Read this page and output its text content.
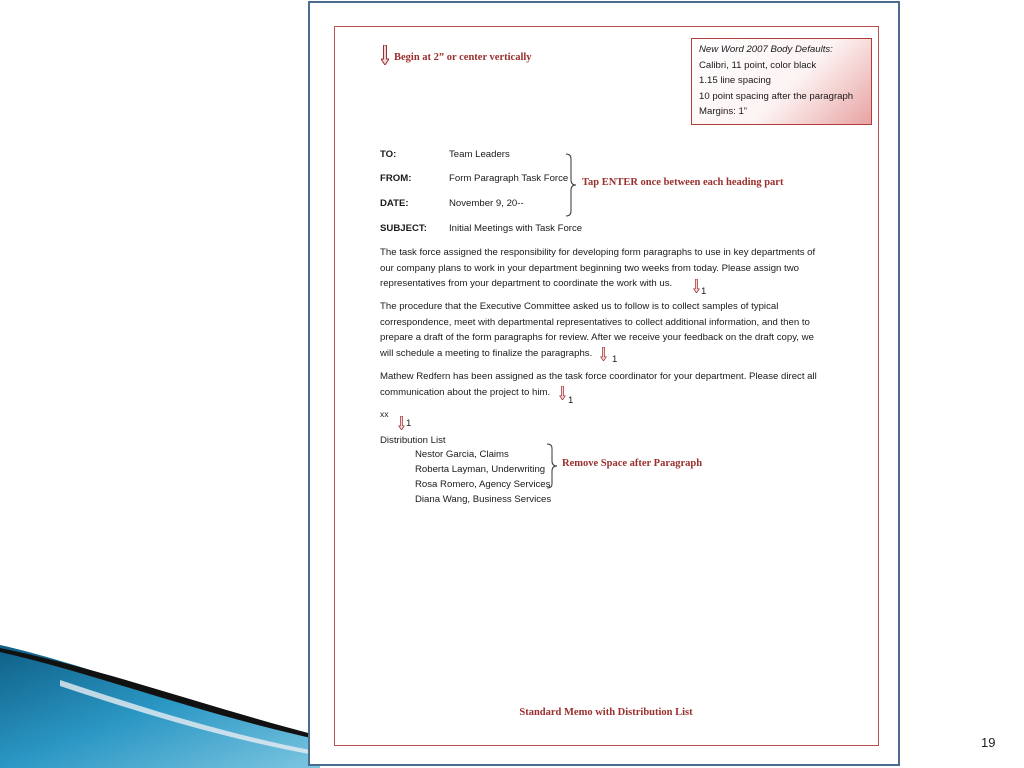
19
Begin at 2” or center vertically
New Word 2007 Body Defaults:
Calibri, 11 point, color black
1.15 line spacing
10 point spacing after the paragraph
Margins: 1”
TO:	Team Leaders
FROM:	Form Paragraph Task Force
DATE:	November 9, 20--
SUBJECT: Initial Meetings with Task Force
Tap ENTER once between each heading part
The task force assigned the responsibility for developing form paragraphs to use in key departments of
our company plans to work in your department beginning two weeks from today. Please assign two
representatives from your department to coordinate the work with us.
1
The procedure that the Executive Committee asked us to follow is to collect samples of typical
correspondence, meet with departmental representatives to collect additional information, and then to
prepare a draft of the form paragraphs for review. After we receive your feedback on the draft copy, we
will schedule a meeting to finalize the paragraphs.
1
Mathew Redfern has been assigned as the task force coordinator for your department. Please direct all
communication about the project to him.
1
xx
1
Distribution List
Nestor Garcia, Claims
Roberta Layman, Underwriting
Rosa Romero, Agency Services
Diana Wang, Business Services
Remove Space after Paragraph
Standard Memo with Distribution List
